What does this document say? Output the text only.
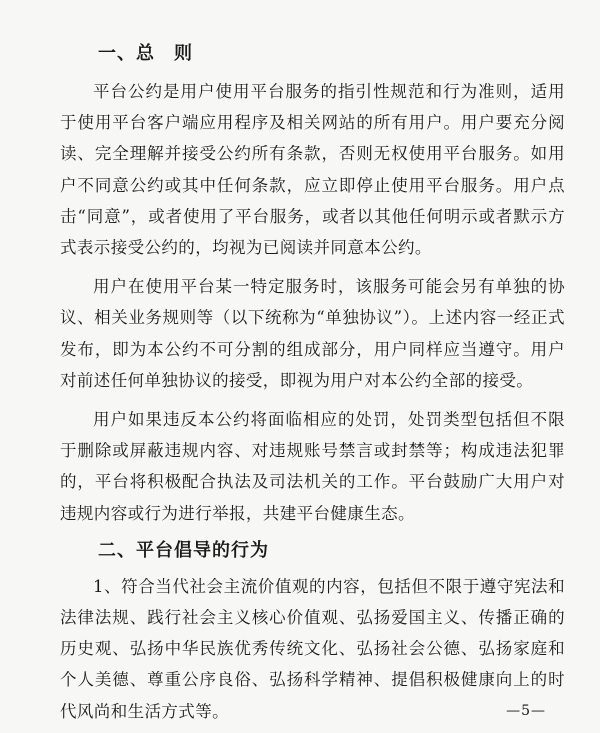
一、总　则

平台公约是用户使用平台服务的指引性规范和行为准则，适用于使用平台客户端应用程序及相关网站的所有用户。用户要充分阅读、完全理解并接受公约所有条款，否则无权使用平台服务。如用户不同意公约或其中任何条款，应立即停止使用平台服务。用户点击“同意”，或者使用了平台服务，或者以其他任何明示或者默示方式表示接受公约的，均视为已阅读并同意本公约。

用户在使用平台某一特定服务时，该服务可能会另有单独的协议、相关业务规则等（以下统称为“单独协议”）。上述内容一经正式发布，即为本公约不可分割的组成部分，用户同样应当遵守。用户对前述任何单独协议的接受，即视为用户对本公约全部的接受。

用户如果违反本公约将面临相应的处罚，处罚类型包括但不限于删除或屏蔽违规内容、对违规账号禁言或封禁等；构成违法犯罪的，平台将积极配合执法及司法机关的工作。平台鼓励广大用户对违规内容或行为进行举报，共建平台健康生态。

二、平台倡导的行为

1、符合当代社会主流价值观的内容，包括但不限于遵守宪法和法律法规、践行社会主义核心价值观、弘扬爱国主义、传播正确的历史观、弘扬中华民族优秀传统文化、弘扬社会公德、弘扬家庭和个人美德、尊重公序良俗、弘扬科学精神、提倡积极健康向上的时代风尚和生活方式等。	—5—
